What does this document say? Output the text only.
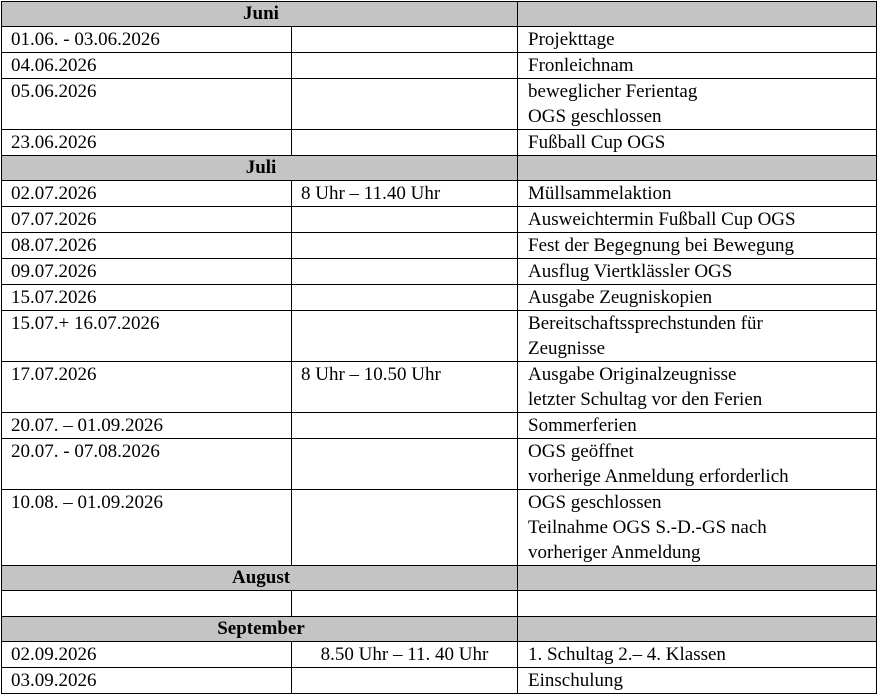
Juni		
01.06. - 03.06.2026		Projekttage

04.06.2026		Fronleichnam

05.06.2026		beweglicher Ferientag
OGS geschlossen

23.06.2026		Fußball Cup OGS

Juli		
02.07.2026	8 Uhr – 11.40 Uhr	Müllsammelaktion

07.07.2026		Ausweichtermin Fußball Cup OGS

08.07.2026		Fest der Begegnung bei Bewegung

09.07.2026		Ausflug Viertklässler OGS

15.07.2026		Ausgabe Zeugniskopien

15.07.+ 16.07.2026		Bereitschaftssprechstunden für
Zeugnisse

17.07.2026	8 Uhr – 10.50 Uhr	Ausgabe Originalzeugnisse
letzter Schultag vor den Ferien

20.07. – 01.09.2026		Sommerferien

20.07. - 07.08.2026		OGS geöffnet
vorherige Anmeldung erforderlich

10.08. – 01.09.2026		OGS geschlossen
Teilnahme OGS S.-D.-GS nach
vorheriger Anmeldung

August		

September		
02.09.2026	8.50 Uhr – 11. 40 Uhr	1. Schultag 2.– 4. Klassen

03.09.2026		Einschulung
